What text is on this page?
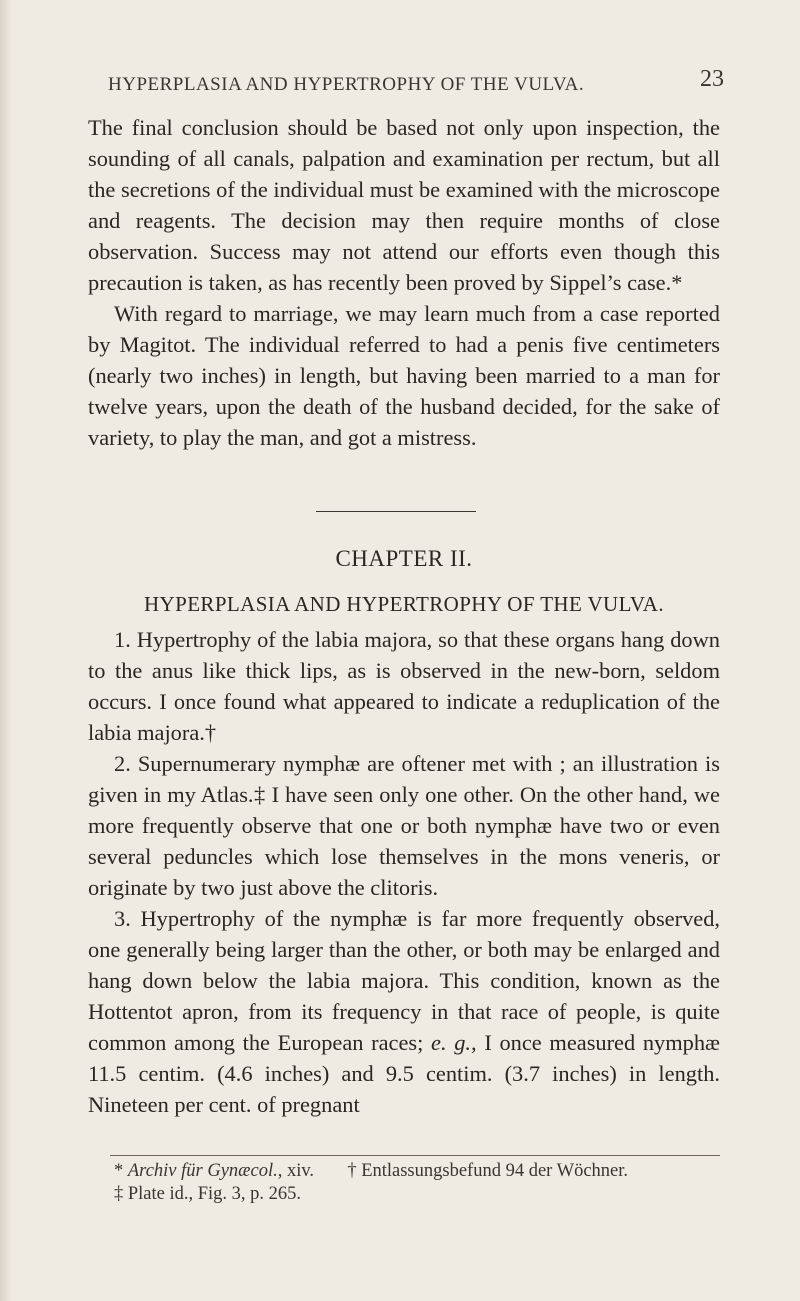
HYPERPLASIA AND HYPERTROPHY OF THE VULVA.	23

The final conclusion should be based not only upon inspection, the sounding of all canals, palpation and examination per rectum, but all the secretions of the individual must be examined with the microscope and reagents. The decision may then require months of close observation. Success may not attend our efforts even though this precaution is taken, as has recently been proved by Sippel’s case.*

With regard to marriage, we may learn much from a case reported by Magitot. The individual referred to had a penis five centimeters (nearly two inches) in length, but having been married to a man for twelve years, upon the death of the husband decided, for the sake of variety, to play the man, and got a mistress.

CHAPTER II.
HYPERPLASIA AND HYPERTROPHY OF THE VULVA.

1. Hypertrophy of the labia majora, so that these organs hang down to the anus like thick lips, as is observed in the new-born, seldom occurs. I once found what appeared to indicate a reduplication of the labia majora.†

2. Supernumerary nymphæ are oftener met with ; an illustration is given in my Atlas.‡ I have seen only one other. On the other hand, we more frequently observe that one or both nymphæ have two or even several peduncles which lose themselves in the mons veneris, or originate by two just above the clitoris.

3. Hypertrophy of the nymphæ is far more frequently observed, one generally being larger than the other, or both may be enlarged and hang down below the labia majora. This condition, known as the Hottentot apron, from its frequency in that race of people, is quite common among the European races; e. g., I once measured nymphæ 11.5 centim. (4.6 inches) and 9.5 centim. (3.7 inches) in length. Nineteen per cent. of pregnant

* Archiv für Gynæcol., xiv. † Entlassungsbefund 94 der Wöchner.
‡ Plate id., Fig. 3, p. 265.
